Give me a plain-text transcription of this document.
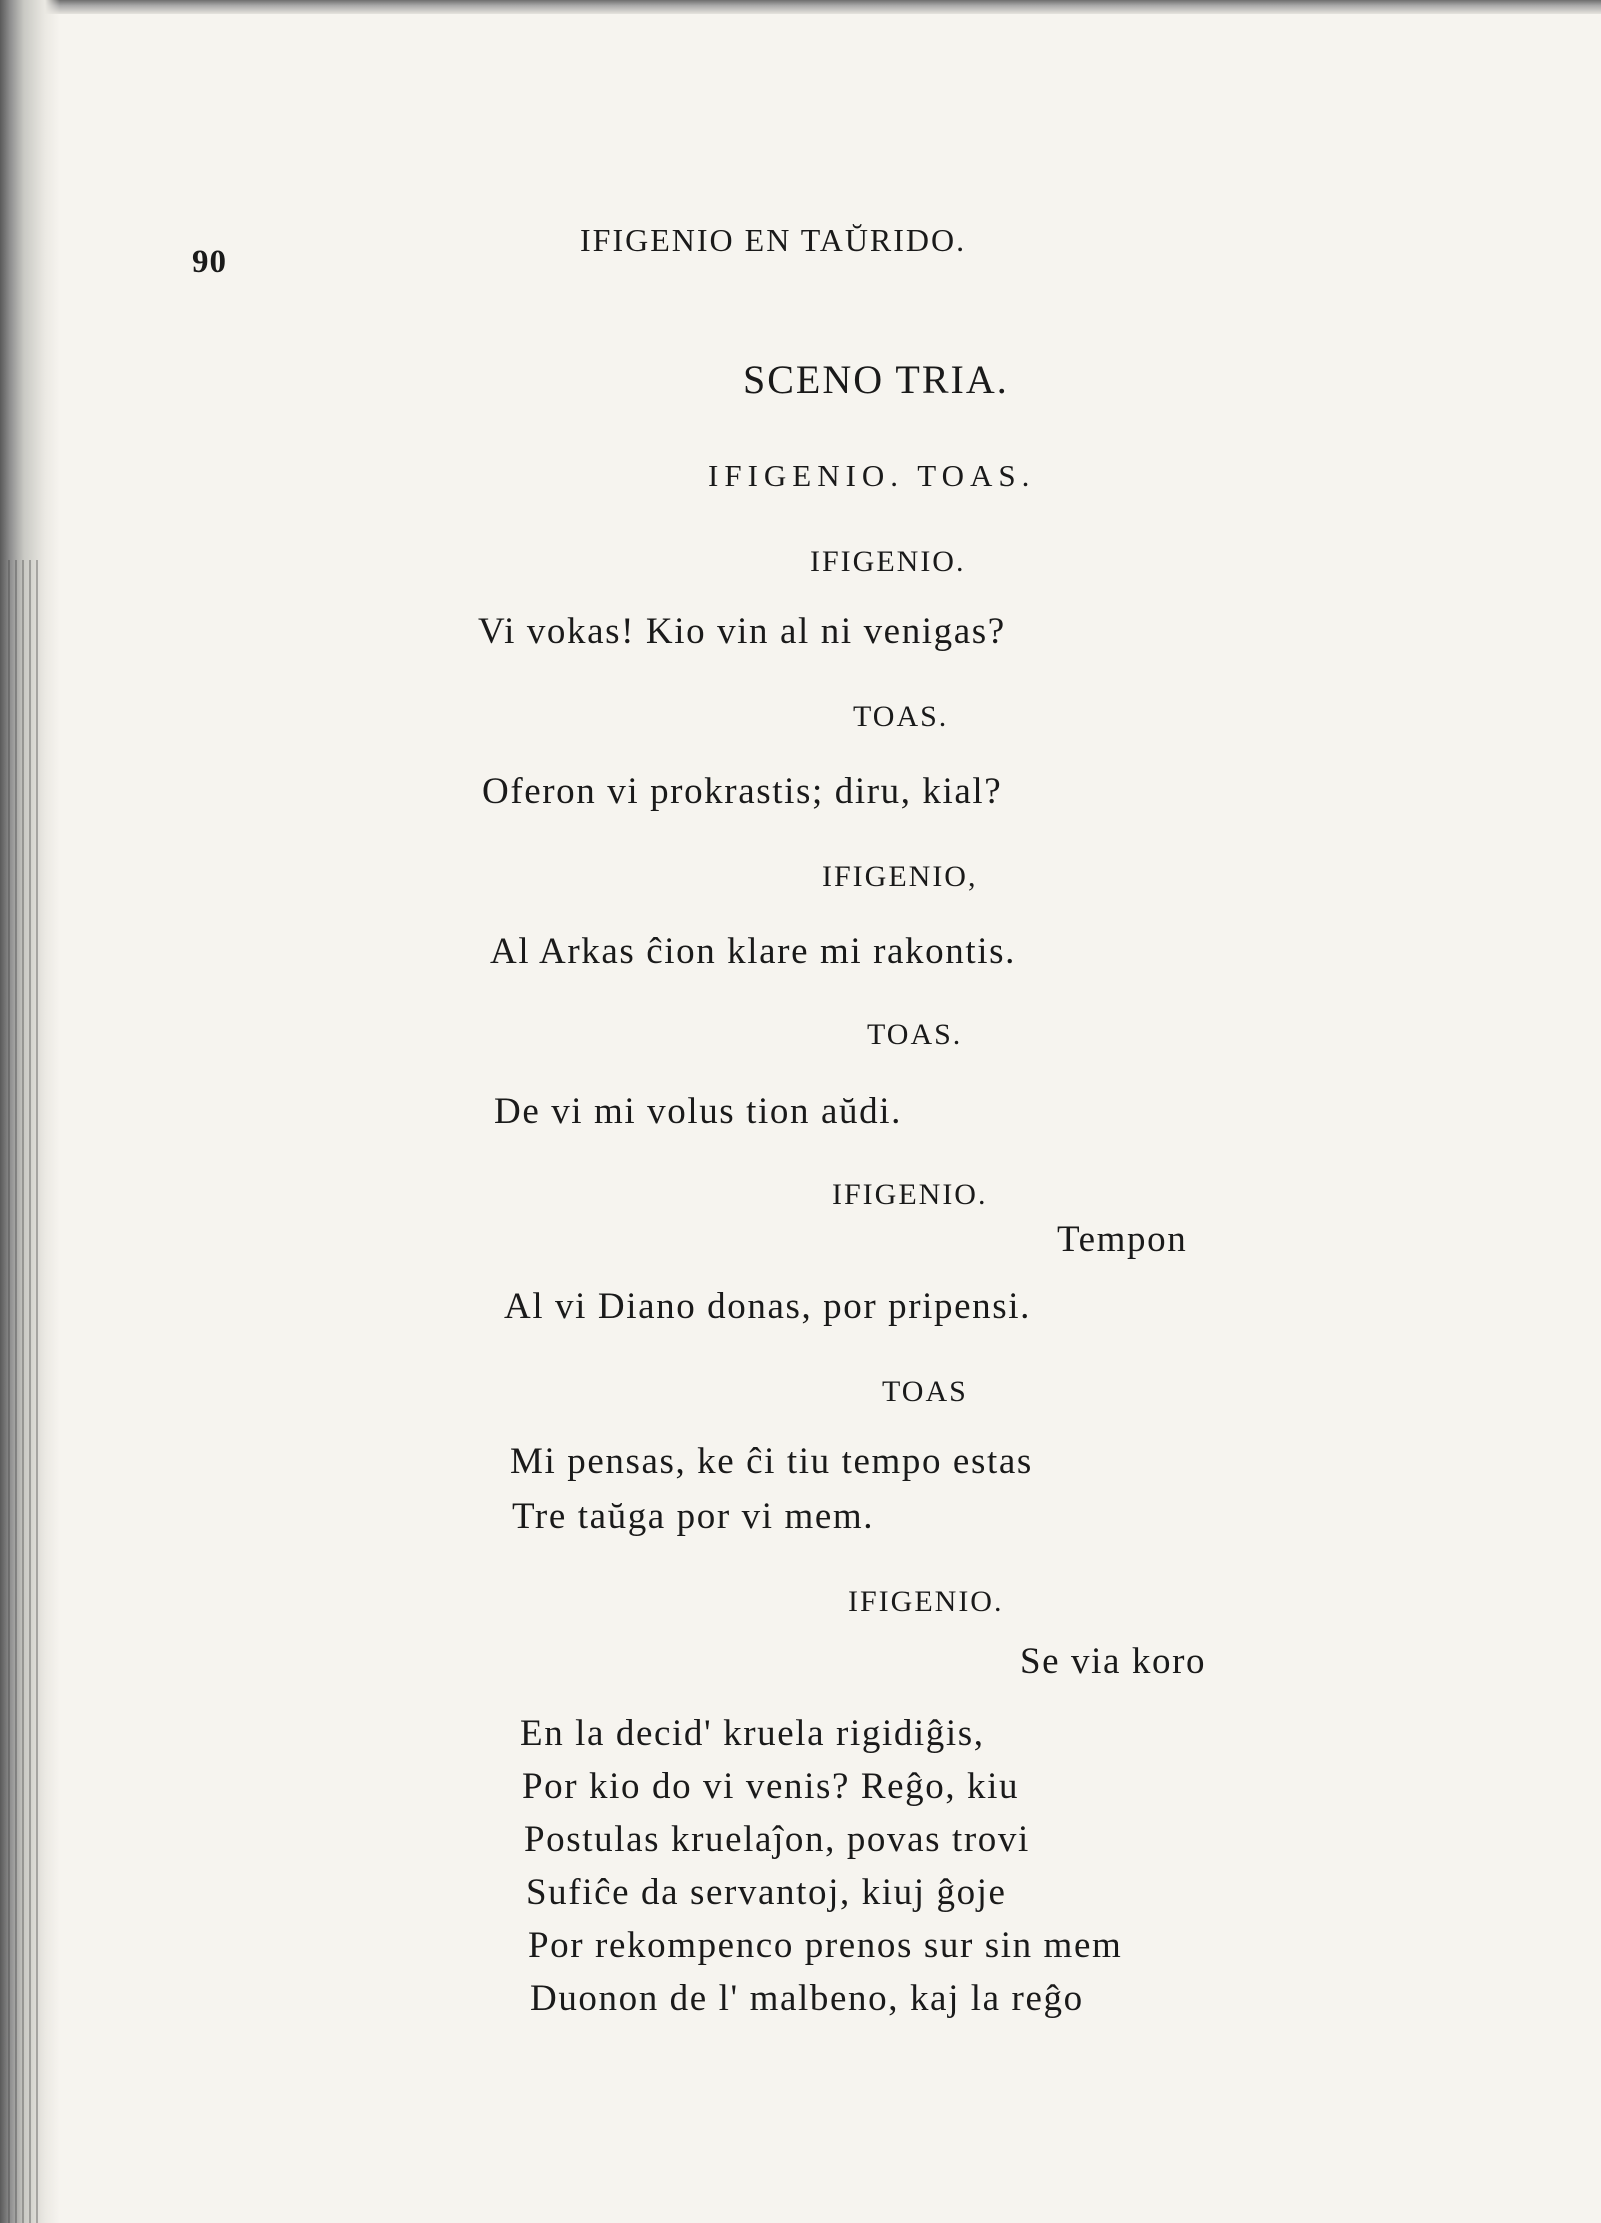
90
IFIGENIO EN TAŬRIDO.
SCENO TRIA.
IFIGENIO. TOAS.
IFIGENIO.
Vi vokas! Kio vin al ni venigas?
TOAS.
Oferon vi prokrastis; diru, kial?
IFIGENIO,
Al Arkas ĉion klare mi rakontis.
TOAS.
De vi mi volus tion aŭdi.
IFIGENIO.
Tempon
Al vi Diano donas, por pripensi.
TOAS
Mi pensas, ke ĉi tiu tempo estas
Tre taŭga por vi mem.
IFIGENIO.
Se via koro
En la decid' kruela rigidiĝis,
Por kio do vi venis? Reĝo, kiu
Postulas kruelaĵon, povas trovi
Sufiĉe da servantoj, kiuj ĝoje
Por rekompenco prenos sur sin mem
Duonon de l' malbeno, kaj la reĝo
